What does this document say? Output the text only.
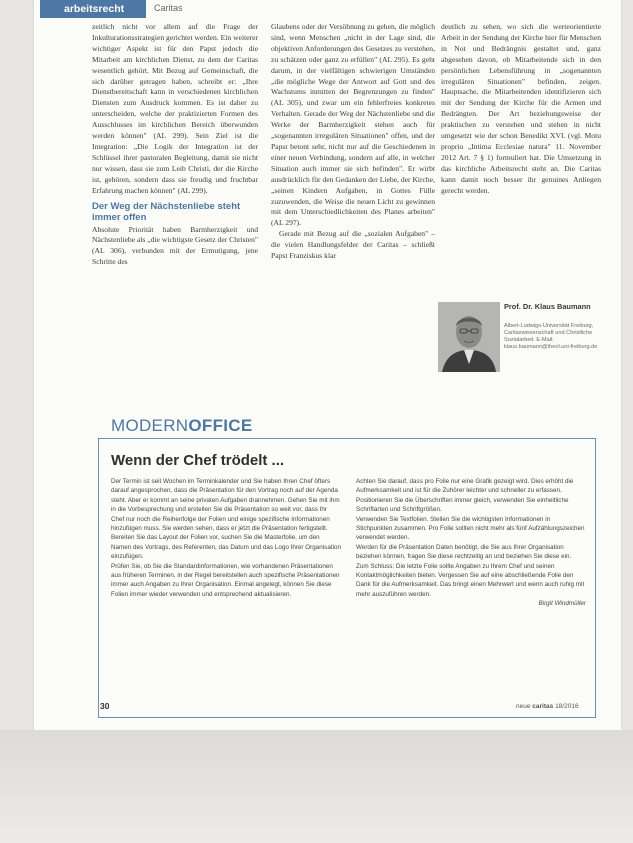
arbeitsrecht	Caritas

zeitlich nicht vor allem auf die Frage der Inkulturationsstrategien gerichtet werden. Ein weiterer wichtiger Aspekt ist für den Papst jedoch die Mitarbeit am kirchlichen Dienst, zu dem der Caritas wesentlich gehört. Mit Bezug auf Gemeinschaft, die sich darüber getragen haben, schreibt er: „Ihre Dienstbereitschaft kann in verschiedenen kirchlichen Diensten zum Ausdruck kommen. Es ist daher zu unterscheiden, welche der praktizierten Formen des Ausschlusses im kirchlichen Bereich überwunden werden können" (AL 299). Sein Ziel ist die Integration: „Die Logik der Integration ist der Schlüssel ihrer pastoralen Begleitung, damit sie nicht nur wissen, dass sie zum Leib Christi, der die Kirche ist, gehören, sondern dass sie freudig und fruchtbar Erfahrung machen können" (AL 299).

Der Weg der Nächstenliebe steht immer offen

Absolute Priorität haben Barmherzigkeit und Nächstenliebe als „die wichtigste Gesetz der Christen" (AL 306), verbunden mit der Ermutigung, jene Schritte des

Glaubens oder der Versöhnung zu gehen, die möglich sind, wenn Menschen „nicht in der Lage sind, die objektiven Anforderungen des Gesetzes zu verstehen, zu schätzen oder ganz zu erfüllen" (AL 295). Es geht darum, in der vielfältigen schwierigen Umständen „die mögliche Wege der Antwort auf Gott und des Wachstums inmitten der Begrenzungen zu finden" (AL 305), und zwar um ein fehlerfreies konkretes Verhalten. Gerade der Weg der Nächstenliebe und die Werke der Barmherzigkeit stehen auch für „sogenannten irregulären Situationen" offen, und der Papst betont sehr, nicht nur auf die Geschiedenen in einer neuen Verbindung, sondern auf alle, in welcher Situation auch immer sie sich befinden". Er wirbt ausdrücklich für den Gedanken der Liebe, der Kirche, „seinen Kindern Aufgaben, in Gottes Fülle zuzuwenden, die Weise die neuen Licht zu gewinnen mit dem Unterschiedlichkeiten des Planes arbeiten" (AL 297).

Gerade mit Bezug auf die „sozialen Aufgaben" – die vielen Handlungsfelder der Caritas – schließt Papst Franziskus klar

deutlich zu sehen, wo sich die werteorientierte Arbeit in der Sendung der Kirche hier für Menschen in Not und Bedrängnis gestaltet und, ganz abgesehen davon, ob Mitarbeitende sich in den persönlichen Lebensführung in „sogenannten irregulären Situationen" befinden, zeigen. Hauptsache, die Mitarbeitenden identifizieren sich mit der Sendung der Kirche für die Armen und Bedrängten. Der Art beziehungsweise der praktischen zu verstehen und stehen in nicht umgesetzt wie der schon Benedikt XVI. (vgl. Motu proprio „Intima Ecclesiae natura" 11. November 2012 Art. 7 § 1) formuliert hat. Die Umsetzung in das kirchliche Arbeitsrecht steht an. Die Caritas kann damit noch besser ihr genuines Anliegen gerecht werden.

Prof. Dr. Klaus Baumann
Albert-Ludwigs-Universität Freiburg, Caritaswissenschaft und Christliche Sozialarbeit. E-Mail: klaus.baumann@theol.uni-freiburg.de
MODERNOFFICE
Wenn der Chef trödelt ...

Der Termin ist seit Wochen im Terminkalender und Sie haben Ihren Chef öfters darauf angesprochen, dass die Präsentation für den Vortrag noch auf der Agenda steht. Aber er kommt an seine privaten Aufgaben drannehmen. Gehen Sie mit ihm in die Vorbesprechung und erstellen Sie die Präsentation so weit vor, dass Ihr Chef nur noch die Reihenfolge der Folien und einige spezifische Informationen hinzufügen muss. Sie werden sehen, dass er jetzt die Präsentation fertigstellt.

Bereiten Sie das Layout der Folien vor, suchen Sie die Masterfolie, um den Namen des Vortrags, des Referenten, das Datum und das Logo Ihrer Organisation einzufügen.

Prüfen Sie, ob Sie die Standardinformationen, wie vorhandenen Präsentationen aus früheren Terminen, in der Regel bereitstellen auch spezifische Präsentationen immer auch Angaben zu Ihrer Organisation. Einmal angelegt, können Sie diese Folien immer wieder verwenden und entsprechend aktualisieren.

Achten Sie darauf, dass pro Folie nur eine Grafik gezeigt wird. Dies erhöht die Aufmerksamkeit und ist für die Zuhörer leichter und schneller zu erfassen.

Positionieren Sie die Überschriften immer gleich, verwenden Sie einheitliche Schriftarten und Schriftgrößen.

Verwenden Sie Textfolien. Stellen Sie die wichtigsten Informationen in Stichpunkten zusammen. Pro Folie sollten nicht mehr als fünf Aufzählungszeichen verwendet werden.

Werden für die Präsentation Daten benötigt, die Sie aus Ihrer Organisation beziehen können, fragen Sie diese rechtzeitig an und beziehen Sie diese ein.

Zum Schluss: Die letzte Folie sollte Angaben zu Ihrem Chef und seinen Kontaktmöglichkeiten bieten. Vergessen Sie auf eine abschließende Folie den Dank für die Aufmerksamkeit. Das bringt einen Mehrwert und wenn auch ruhig mit mehr auszuführen werden.

Birgit Windmüller

30	neue caritas 18/2016
